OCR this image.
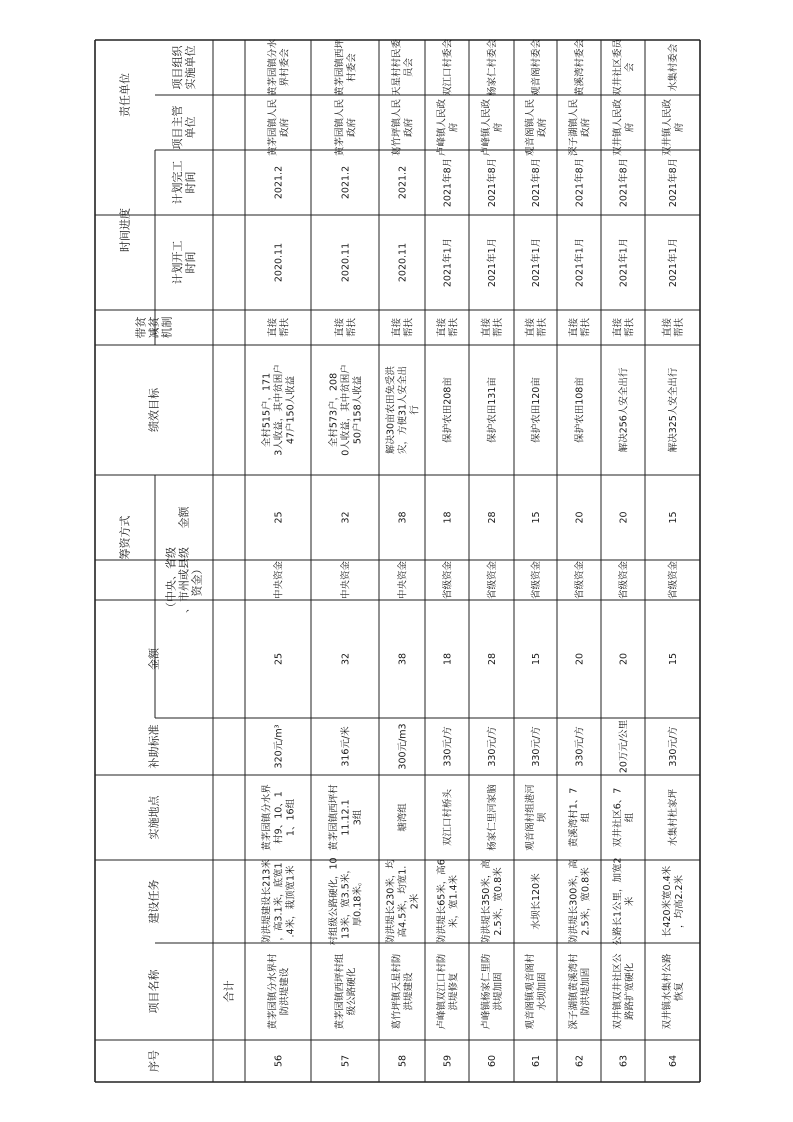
序号
项目名称
建设任务
实施地点
补助标准
金额
筹资方式
（中央、省级、市州或县级资金）
金额
绩效目标
带贫减贫机制
时间进度
计划开工时间
计划完工时间
责任单位
项目主管单位
项目组织实施单位
合计
56
黄茅园镇分水界村防洪堤建设
防洪堤建设长213米，高3.1米，底宽1.4米，栽顶宽1米
黄茅园镇分水界村9、10、11、16组
320元/m³
25
中央资金
25
全村515户，1713人收益，其中贫困户47户150人收益
直接帮扶
2020.11
2021.2
黄茅园镇人民政府
黄茅园镇分水界村委会
57
黄茅园镇西坪村组级公路硬化
村组级公路硬化，1013米，宽3.5米，厚0.18米。
黄茅园镇西坪村11.12.13组
316元/米
32
中央资金
32
全村573户，2080人收益，其中贫困户50户158人收益
直接帮扶
2020.11
2021.2
黄茅园镇人民政府
黄茅园镇西坪村委会
58
葛竹坪镇天星村防洪堤建设
防洪堤长230米，均高4.5米，均宽1.2米
塘湾组
300元/m3
38
中央资金
38
解决30亩农田免受洪灾，方便31人安全出行
直接帮扶
2020.11
2021.2
葛竹坪镇人民政府
天星村村民委员会
59
卢峰镇双江口村防洪堤修复
防洪堤长65米，高6米，宽1.4米
双江口村桥头
330元/方
18
省级资金
18
保护农田208亩
直接帮扶
2021年1月
2021年8月
卢峰镇人民政府
双江口村委会
60
卢峰镇杨家仁里防洪堤加固
防洪堤长350米，高2.5米，宽0.8米
杨家仁里河家脑
330元/方
28
省级资金
28
保护农田131亩
直接帮扶
2021年1月
2021年8月
卢峰镇人民政府
杨家仁村委会
61
观音阁镇观音阁村水坝加固
水坝长120米
观音阁村组港河坝
330元/方
15
省级资金
15
保护农田120亩
直接帮扶
2021年1月
2021年8月
观音阁镇人民政府
观音阁村委会
62
深子湖镇黄溪湾村防洪堤加固
防洪堤长300米，高2.5米，宽0.8米
黄溪湾村1、7组
330元/方
20
省级资金
20
保护农田108亩
直接帮扶
2021年1月
2021年8月
深子湖镇人民政府
黄溪湾村委会
63
双井镇双井社区公路路扩宽硬化
公路长1公里，加宽2米
双井社区6、7组
20万元/公里
20
省级资金
20
解决256人安全出行
直接帮扶
2021年1月
2021年8月
双井镇人民政府
双井社区委员会
64
双井镇水集村公路恢复
长420米宽0.4米，均高2.2米
水集村杜家坪
330元/方
15
省级资金
15
解决325人安全出行
直接帮扶
2021年1月
2021年8月
双井镇人民政府
水集村委会
